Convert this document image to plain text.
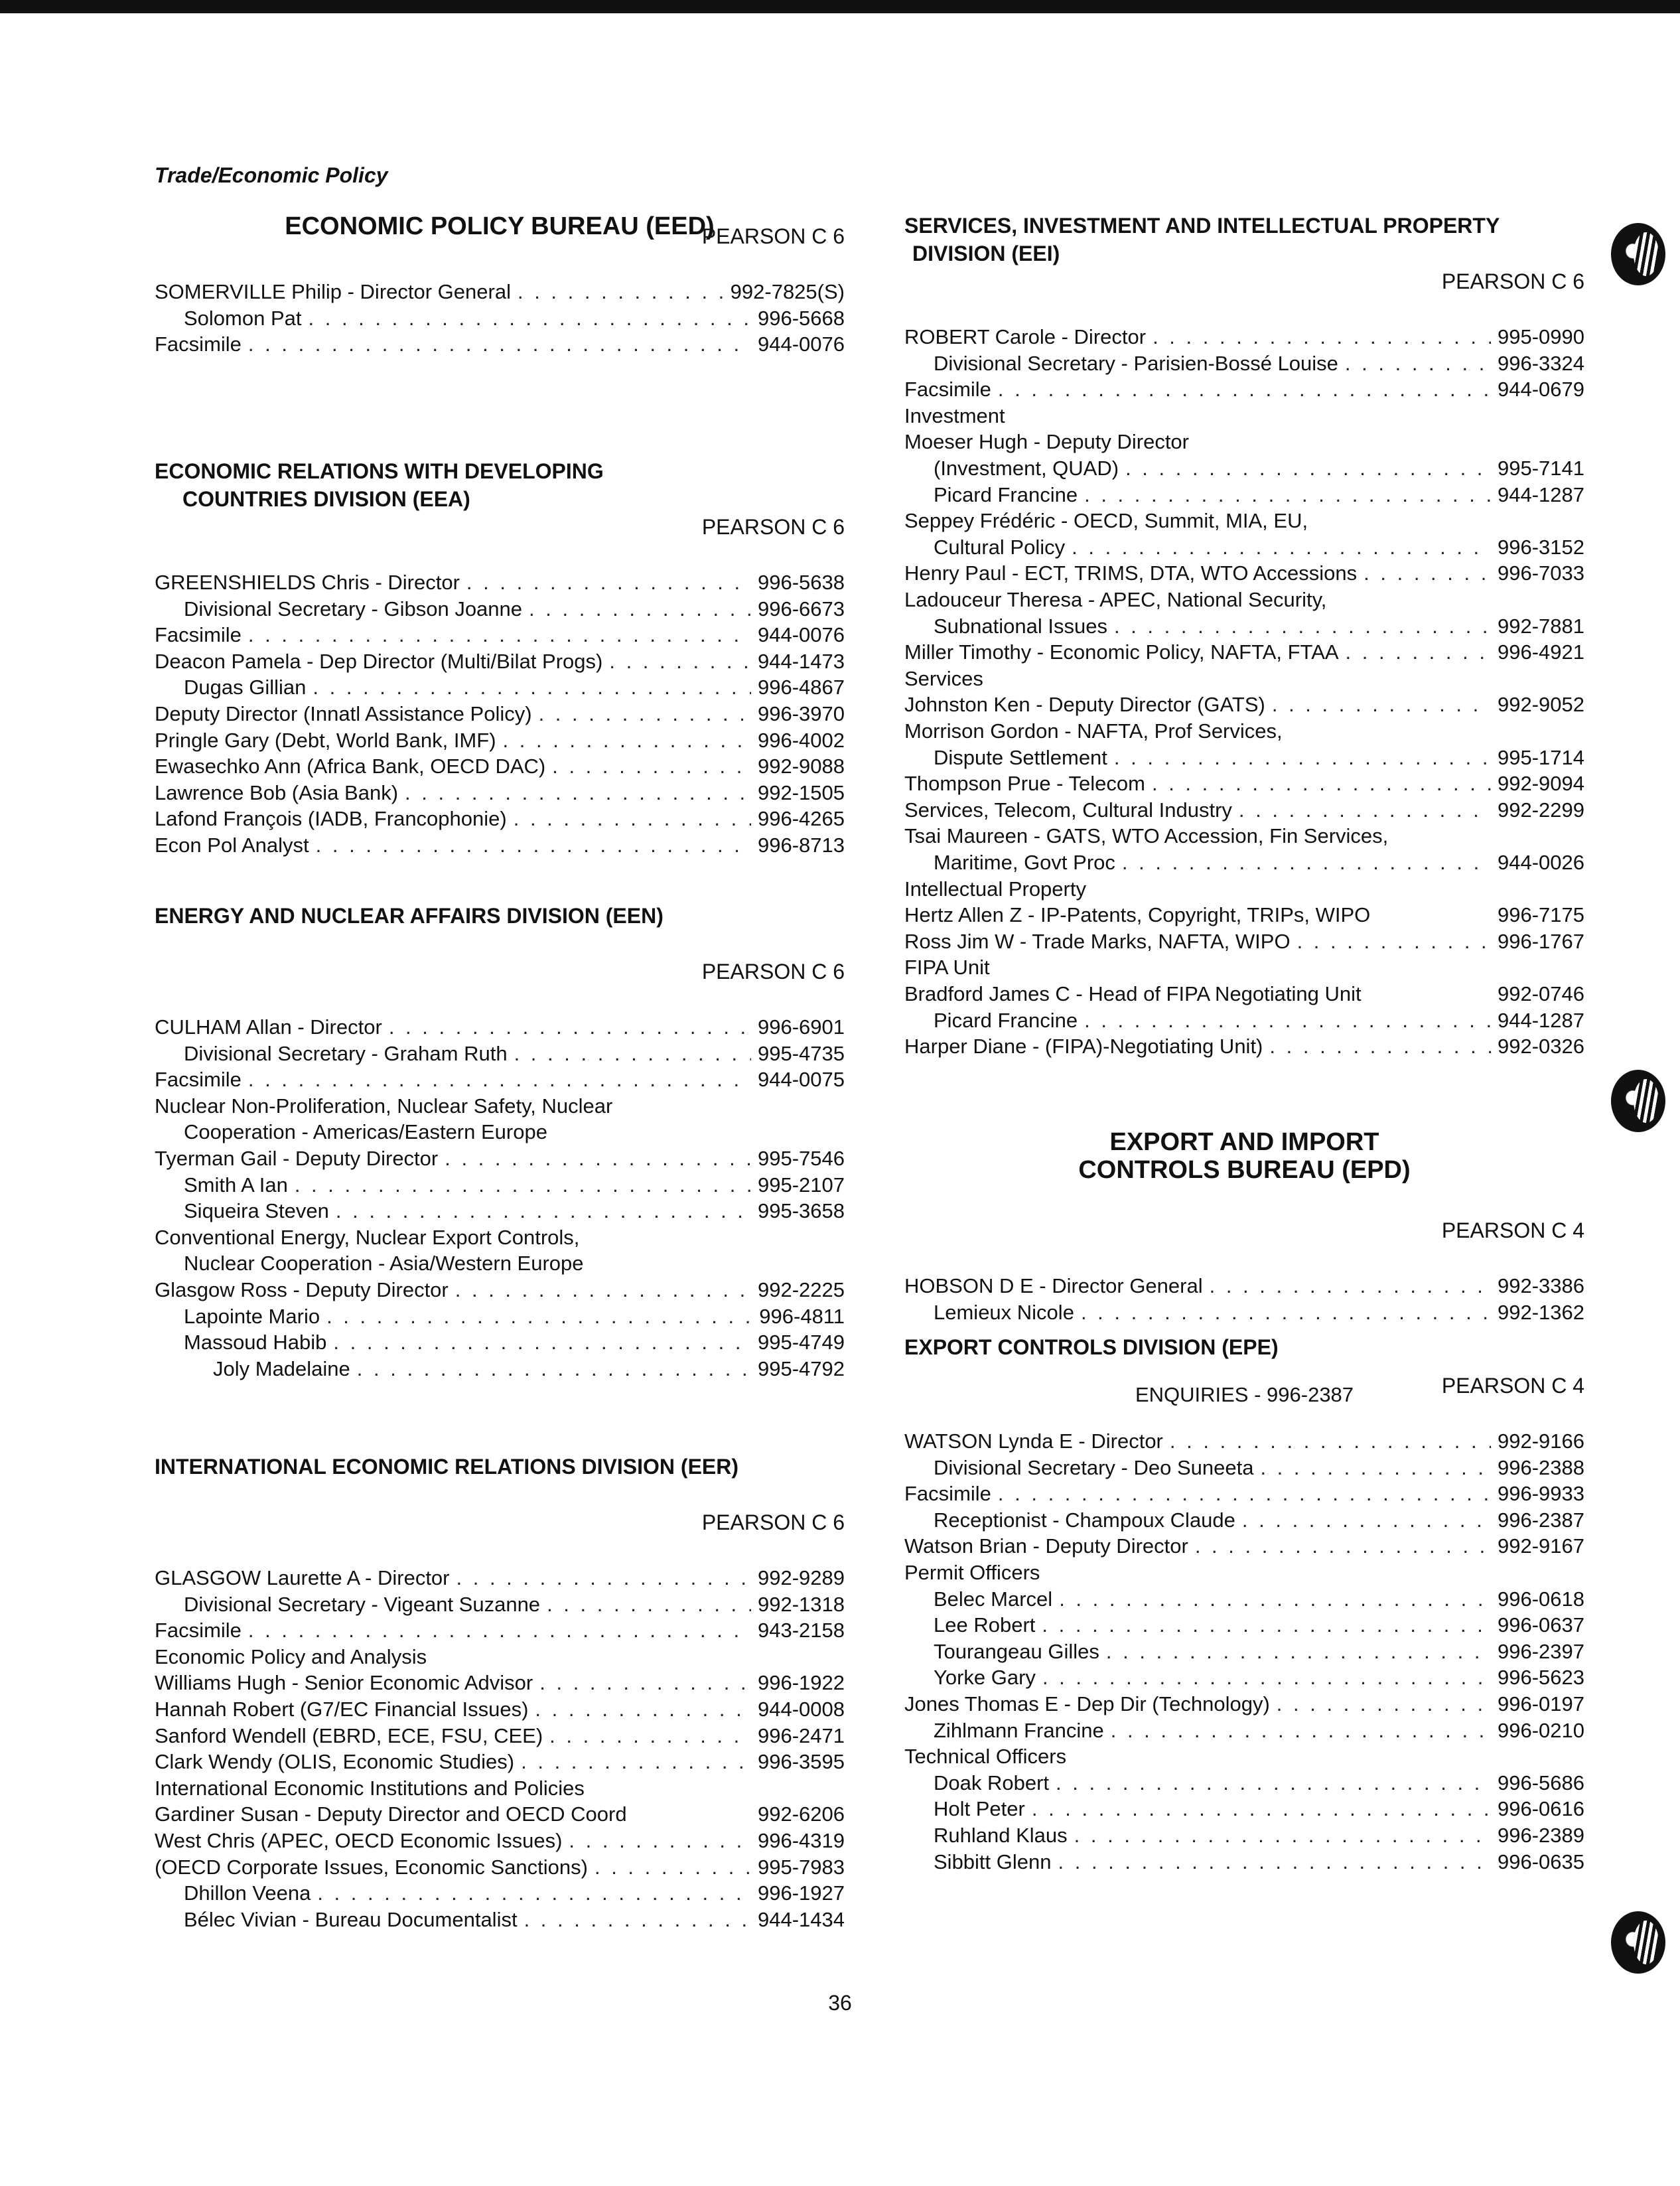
Trade/Economic Policy
ECONOMIC POLICY BUREAU (EED)
PEARSON C 6
SOMERVILLE Philip - Director General . . .	992-7825(S)
Solomon Pat . . .	996-5668
Facsimile . . .	944-0076
ECONOMIC RELATIONS WITH DEVELOPING
COUNTRIES DIVISION (EEA)
PEARSON C 6
GREENSHIELDS Chris - Director . . .	996-5638
Divisional Secretary - Gibson Joanne . . .	996-6673
Facsimile . . .	944-0076
Deacon Pamela - Dep Director (Multi/Bilat Progs) . . .	944-1473
Dugas Gillian . . .	996-4867
Deputy Director (Innatl Assistance Policy) . . .	996-3970
Pringle Gary (Debt, World Bank, IMF) . . .	996-4002
Ewasechko Ann (Africa Bank, OECD DAC) . . .	992-9088
Lawrence Bob (Asia Bank) . . .	992-1505
Lafond François (IADB, Francophonie) . . .	996-4265
Econ Pol Analyst . . .	996-8713
ENERGY AND NUCLEAR AFFAIRS DIVISION (EEN)
PEARSON C 6
CULHAM Allan - Director . . .	996-6901
Divisional Secretary - Graham Ruth . . .	995-4735
Facsimile . . .	944-0075
Nuclear Non-Proliferation, Nuclear Safety, Nuclear
Cooperation - Americas/Eastern Europe
Tyerman Gail - Deputy Director . . .	995-7546
Smith A Ian . . .	995-2107
Siqueira Steven . . .	995-3658
Conventional Energy, Nuclear Export Controls,
Nuclear Cooperation - Asia/Western Europe
Glasgow Ross - Deputy Director . . .	992-2225
Lapointe Mario . . .	996-4811
Massoud Habib . . .	995-4749
Joly Madelaine . . .	995-4792
INTERNATIONAL ECONOMIC RELATIONS DIVISION (EER)
PEARSON C 6
GLASGOW Laurette A - Director . . .	992-9289
Divisional Secretary - Vigeant Suzanne . . .	992-1318
Facsimile . . .	943-2158
Economic Policy and Analysis
Williams Hugh - Senior Economic Advisor . . .	996-1922
Hannah Robert (G7/EC Financial Issues) . . .	944-0008
Sanford Wendell (EBRD, ECE, FSU, CEE) . . .	996-2471
Clark Wendy (OLIS, Economic Studies) . . .	996-3595
International Economic Institutions and Policies
Gardiner Susan - Deputy Director and OECD Coord	992-6206
West Chris (APEC, OECD Economic Issues) . . .	996-4319
(OECD Corporate Issues, Economic Sanctions) . . .	995-7983
Dhillon Veena . . .	996-1927
Bélec Vivian - Bureau Documentalist . . .	944-1434
SERVICES, INVESTMENT AND INTELLECTUAL PROPERTY
DIVISION (EEI)
PEARSON C 6
ROBERT Carole - Director . . .	995-0990
Divisional Secretary - Parisien-Bossé Louise . . .	996-3324
Facsimile . . .	944-0679
Investment
Moeser Hugh - Deputy Director
(Investment, QUAD) . . .	995-7141
Picard Francine . . .	944-1287
Seppey Frédéric - OECD, Summit, MIA, EU,
Cultural Policy . . .	996-3152
Henry Paul - ECT, TRIMS, DTA, WTO Accessions . . .	996-7033
Ladouceur Theresa - APEC, National Security,
Subnational Issues . . .	992-7881
Miller Timothy - Economic Policy, NAFTA, FTAA . . .	996-4921
Services
Johnston Ken - Deputy Director (GATS) . . .	992-9052
Morrison Gordon - NAFTA, Prof Services,
Dispute Settlement . . .	995-1714
Thompson Prue - Telecom . . .	992-9094
Services, Telecom, Cultural Industry . . .	992-2299
Tsai Maureen - GATS, WTO Accession, Fin Services,
Maritime, Govt Proc . . .	944-0026
Intellectual Property
Hertz Allen Z - IP-Patents, Copyright, TRIPs, WIPO	996-7175
Ross Jim W - Trade Marks, NAFTA, WIPO . . .	996-1767
FIPA Unit
Bradford James C - Head of FIPA Negotiating Unit	992-0746
Picard Francine . . .	944-1287
Harper Diane - (FIPA)-Negotiating Unit) . . .	992-0326
EXPORT AND IMPORT
CONTROLS BUREAU (EPD)
PEARSON C 4
HOBSON D E - Director General . . .	992-3386
Lemieux Nicole . . .	992-1362
EXPORT CONTROLS DIVISION (EPE)
ENQUIRIES - 996-2387	PEARSON C 4
WATSON Lynda E - Director . . .	992-9166
Divisional Secretary - Deo Suneeta . . .	996-2388
Facsimile . . .	996-9933
Receptionist - Champoux Claude . . .	996-2387
Watson Brian - Deputy Director . . .	992-9167
Permit Officers
Belec Marcel . . .	996-0618
Lee Robert . . .	996-0637
Tourangeau Gilles . . .	996-2397
Yorke Gary . . .	996-5623
Jones Thomas E - Dep Dir (Technology) . . .	996-0197
Zihlmann Francine . . .	996-0210
Technical Officers
Doak Robert . . .	996-5686
Holt Peter . . .	996-0616
Ruhland Klaus . . .	996-2389
Sibbitt Glenn . . .	996-0635
36
